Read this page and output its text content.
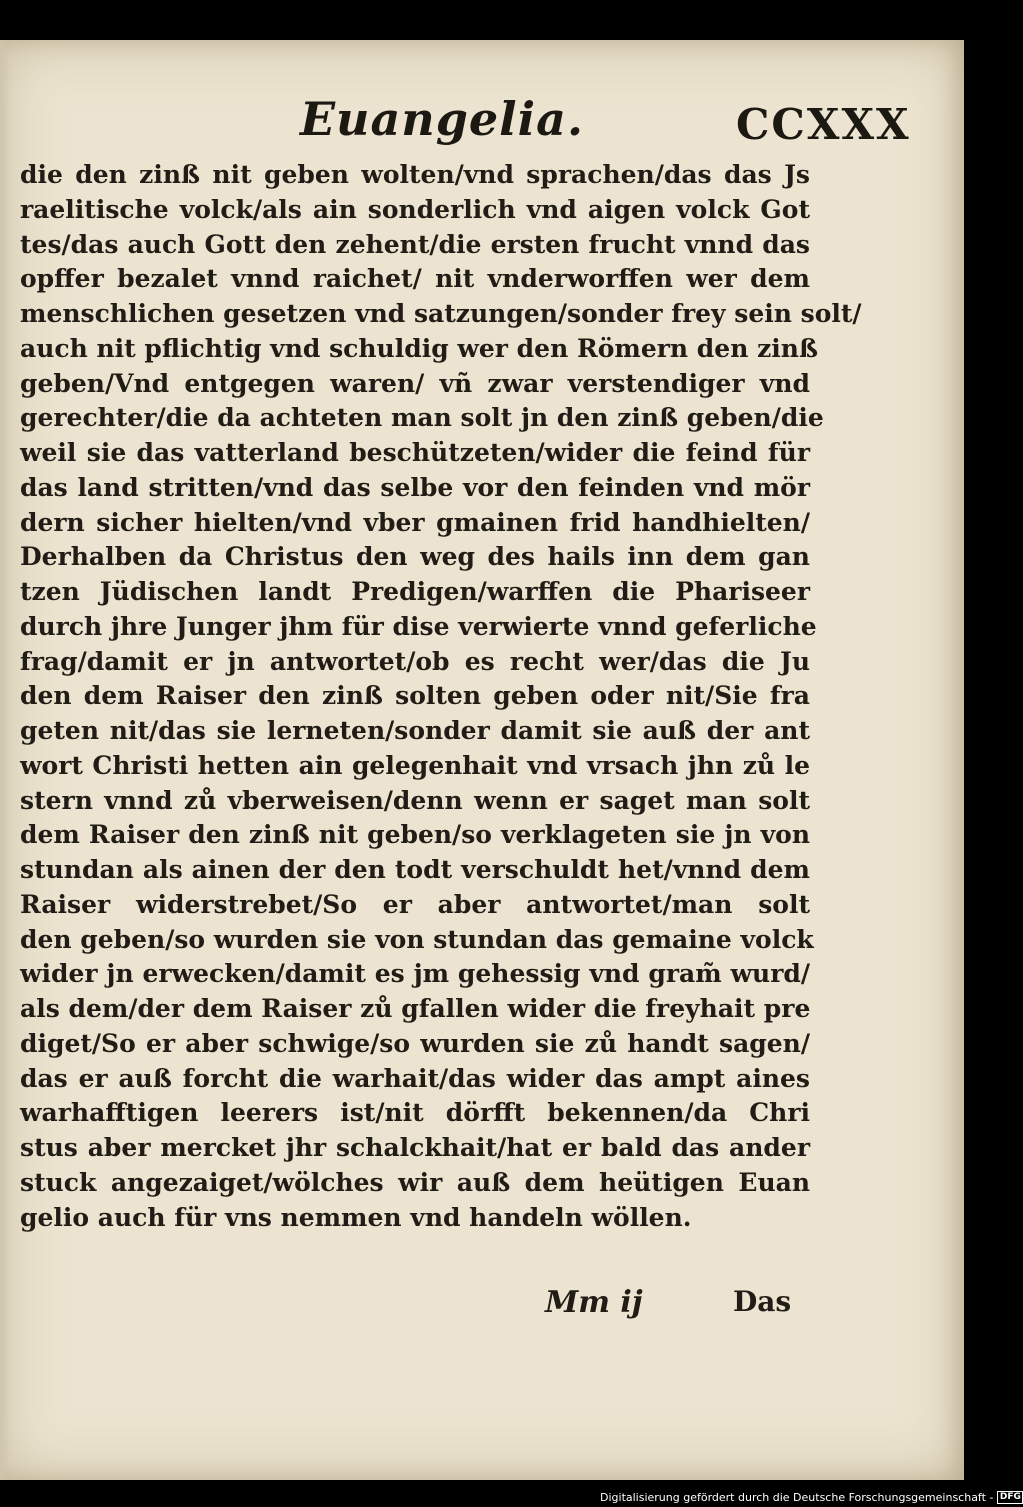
Euangelia.	CCXXX
die den zinß nit geben wolten/vnd sprachen/das das Js
raelitische volck/als ain sonderlich vnd aigen volck Got
tes/das auch Gott den zehent/die ersten frucht vnnd das
opffer bezalet vnnd raichet/ nit vnderworffen wer dem
menschlichen gesetzen vnd satzungen/sonder frey sein solt/
auch nit pflichtig vnd schuldig wer den Römern den zinß
geben/Vnd entgegen waren/ vñ zwar verstendiger vnd
gerechter/die da achteten man solt jn den zinß geben/die
weil sie das vatterland beschützeten/wider die feind für
das land stritten/vnd das selbe vor den feinden vnd mör
dern sicher hielten/vnd vber gmainen frid handhielten/
Derhalben da Christus den weg des hails inn dem gan
tzen Jüdischen landt Predigen/warffen die Phariseer
durch jhre Junger jhm für dise verwierte vnnd geferliche
frag/damit er jn antwortet/ob es recht wer/das die Ju
den dem Raiser den zinß solten geben oder nit/Sie fra
geten nit/das sie lerneten/sonder damit sie auß der ant
wort Christi hetten ain gelegenhait vnd vrsach jhn zů le
stern vnnd zů vberweisen/denn wenn er saget man solt
dem Raiser den zinß nit geben/so verklageten sie jn von
stundan als ainen der den todt verschuldt het/vnnd dem
Raiser widerstrebet/So er aber antwortet/man solt
den geben/so wurden sie von stundan das gemaine volck
wider jn erwecken/damit es jm gehessig vnd gram̃ wurd/
als dem/der dem Raiser zů gfallen wider die freyhait pre
diget/So er aber schwige/so wurden sie zů handt sagen/
das er auß forcht die warhait/das wider das ampt aines
warhafftigen leerers ist/nit dörfft bekennen/da Chri
stus aber mercket jhr schalckhait/hat er bald das ander
stuck angezaiget/wölches wir auß dem heütigen Euan
gelio auch für vns nemmen vnd handeln wöllen.
Mm ij	Das
Digitalisierung gefördert durch die Deutsche Forschungsgemeinschaft - DFG
